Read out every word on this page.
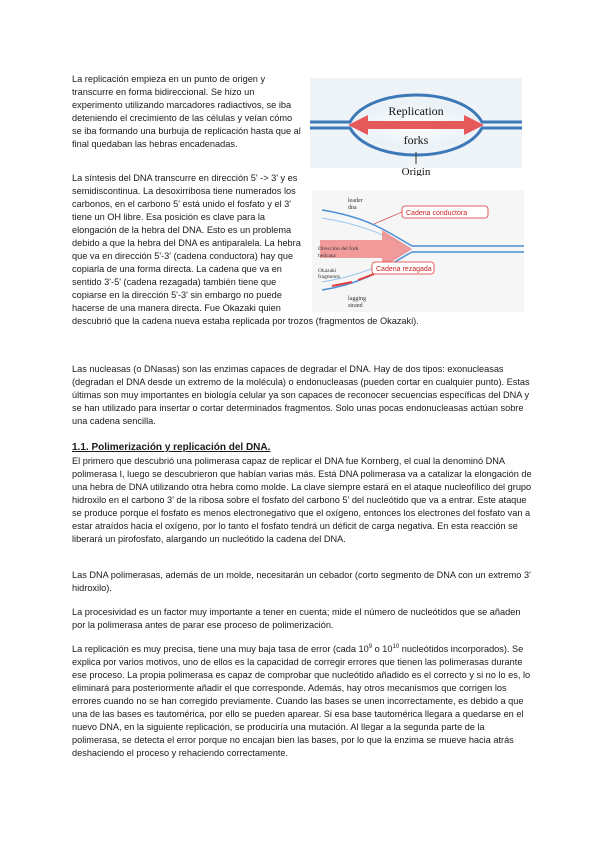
La replicación empieza en un punto de origen y transcurre en forma bidireccional. Se hizo un experimento utilizando marcadores radiactivos, se iba deteniendo el crecimiento de las células y veían cómo se iba formando una burbuja de replicación hasta que al final quedaban las hebras encadenadas.

Replication
forks
Origin

La síntesis del DNA transcurre en dirección 5' -> 3' y es semidiscontinua. La desoxirribosa tiene numerados los carbonos, en el carbono 5' está unido el fosfato y el 3' tiene un OH libre. Esa posición es clave para la elongación de la hebra del DNA. Esto es un problema debido a que la hebra del DNA es antiparalela. La hebra que va en dirección 5'-3' (cadena conductora) hay que copiarla de una forma directa. La cadena que va en sentido 3'-5' (cadena rezagada) también tiene que copiarse en la dirección 5'-3' sin embargo no puede hacerse de una manera directa. Fue Okazaki quien

leader
dna
Cadena conductora
Dirección del fork
helicasa
Okazaki
fragments
lagging
strand
Cadena rezagada

descubrió que la cadena nueva estaba replicada por trozos (fragmentos de Okazaki).

Las nucleasas (o DNasas) son las enzimas capaces de degradar el DNA. Hay de dos tipos: exonucleasas (degradan el DNA desde un extremo de la molécula) o endonucleasas (pueden cortar en cualquier punto). Estas últimas son muy importantes en biología celular ya son capaces de reconocer secuencias específicas del DNA y se han utilizado para insertar o cortar determinados fragmentos. Solo unas pocas endonucleasas actúan sobre una cadena sencilla.

1.1. Polimerización y replicación del DNA.

El primero que descubrió una polimerasa capaz de replicar el DNA fue Kornberg, el cual la denominó DNA polimerasa I, luego se descubrieron que habían varias más. Está DNA polimerasa va a catalizar la elongación de una hebra de DNA utilizando otra hebra como molde. La clave siempre estará en el ataque nucleofílico del grupo hidroxilo en el carbono 3' de la ribosa sobre el fosfato del carbono 5' del nucleótido que va a entrar. Este ataque se produce porque el fosfato es menos electronegativo que el oxígeno, entonces los electrones del fosfato van a estar atraídos hacia el oxígeno, por lo tanto el fosfato tendrá un déficit de carga negativa. En esta reacción se liberará un pirofosfato, alargando un nucleótido la cadena del DNA.

Las DNA polimerasas, además de un molde, necesitarán un cebador (corto segmento de DNA con un extremo 3' hidroxilo).

La procesividad es un factor muy importante a tener en cuenta; mide el número de nucleótidos que se añaden por la polimerasa antes de parar ese proceso de polimerización.

La replicación es muy precisa, tiene una muy baja tasa de error (cada $10^9$ o $10^{10}$ nucleótidos incorporados). Se explica por varios motivos, uno de ellos es la capacidad de corregir errores que tienen las polimerasas durante ese proceso. La propia polimerasa es capaz de comprobar que nucleótido añadido es el correcto y si no lo es, lo eliminará para posteriormente añadir el que corresponde. Además, hay otros mecanismos que corrigen los errores cuando no se han corregido previamente. Cuando las bases se unen incorrectamente, es debido a que una de las bases es tautomérica, por ello se pueden aparear. Si esa base tautomérica llegara a quedarse en el nuevo DNA, en la siguiente replicación, se produciría una mutación. Al llegar a la segunda parte de la polimerasa, se detecta el error porque no encajan bien las bases, por lo que la enzima se mueve hacia atrás deshaciendo el proceso y rehaciendo correctamente.
